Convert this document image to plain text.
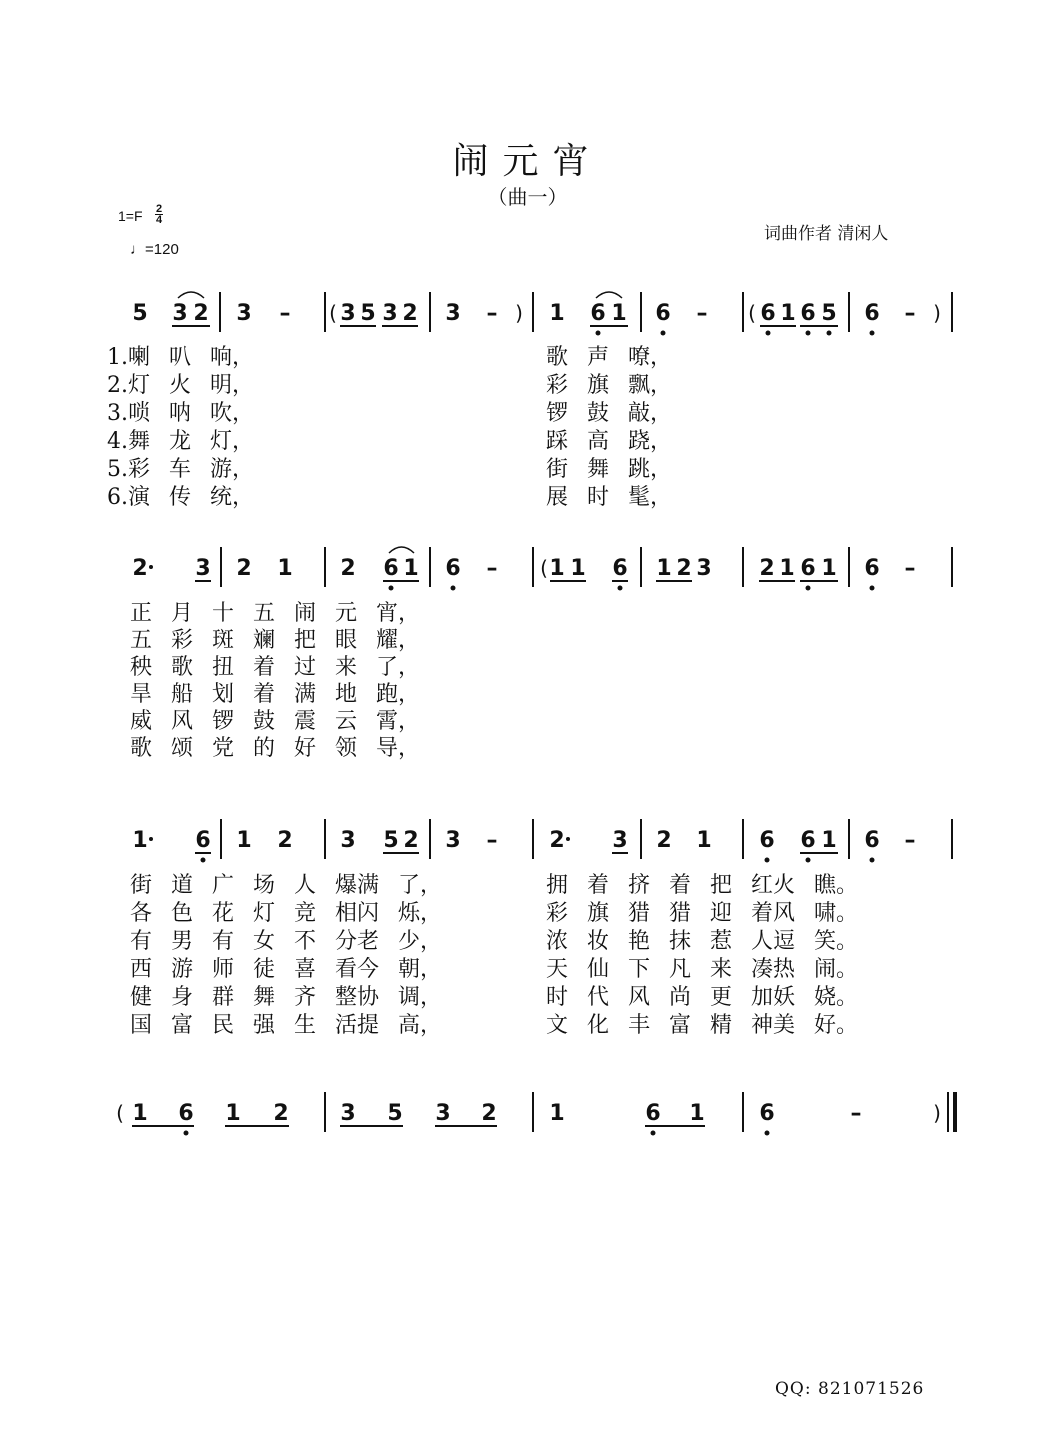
闹元宵
（曲一）
1=F 2
4
♩=120
词曲作者 清闲人
5 3 2 3 – ( 3 5 3 2 3 – ) 1 6 1 6 – ( 6 1 6 5 6 – )
2 3 2 1 2 6 1 6 – ( 1 1 6 1 2 3 2 1 6 1 6 –
1 6 1 2 3 5 2 3 – 2 3 2 1 6 6 1 6 –
( 1 6 1 2 3 5 3 2 1	6 1 6	–	)
1.喇 叭 响，	歌 声 嘹，
2.灯 火 明，	彩 旗 飘，
3.唢 呐 吹，	锣 鼓 敲，
4.舞 龙 灯，	踩 高 跷，
5.彩 车 游，	街 舞 跳，
6.演 传 统，	展 时 髦，
正 月 十 五 闹 元 宵，
五 彩 斑 斓 把 眼 耀，
秧 歌 扭 着 过 来 了，
旱 船 划 着 满 地 跑，
威 风 锣 鼓 震 云 霄，
歌 颂 党 的 好 领 导，
街 道 广 场 人 爆满 了，	拥 着 挤 着 把 红火 瞧。
各 色 花 灯 竞 相闪 烁，	彩 旗 猎 猎 迎 着风 啸。
有 男 有 女 不 分老 少，	浓 妆 艳 抹 惹 人逗 笑。
西 游 师 徒 喜 看今 朝，	天 仙 下 凡 来 凑热 闹。
健 身 群 舞 齐 整协 调，	时 代 风 尚 更 加妖 娆。
国 富 民 强 生 活提 高，	文 化 丰 富 精 神美 好。
QQ: 821071526
